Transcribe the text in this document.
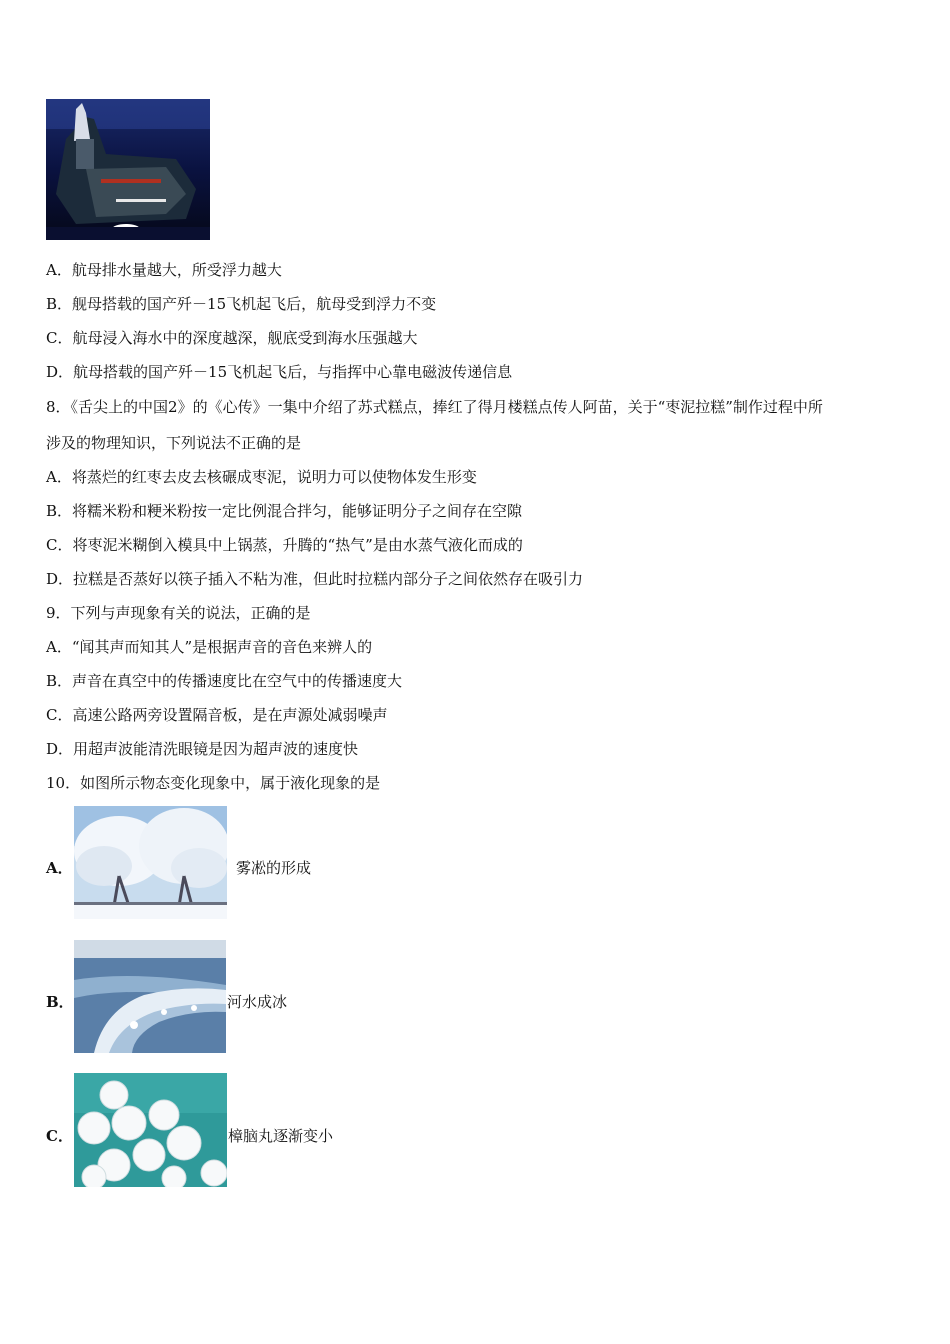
A．航母排水量越大，所受浮力越大
B．舰母搭载的国产歼－15飞机起飞后，航母受到浮力不变
C．航母浸入海水中的深度越深，舰底受到海水压强越大
D．航母搭载的国产歼－15飞机起飞后，与指挥中心靠电磁波传递信息
8．《舌尖上的中国2》的《心传》一集中介绍了苏式糕点，捧红了得月楼糕点传人阿苗，关于“枣泥拉糕”制作过程中所
涉及的物理知识，下列说法不正确的是
A．将蒸烂的红枣去皮去核碾成枣泥，说明力可以使物体发生形变
B．将糯米粉和粳米粉按一定比例混合拌匀，能够证明分子之间存在空隙
C．将枣泥米糊倒入模具中上锅蒸，升腾的“热气”是由水蒸气液化而成的
D．拉糕是否蒸好以筷子插入不粘为准，但此时拉糕内部分子之间依然存在吸引力
9．下列与声现象有关的说法，正确的是
A．“闻其声而知其人”是根据声音的音色来辨人的
B．声音在真空中的传播速度比在空气中的传播速度大
C．高速公路两旁设置隔音板，是在声源处减弱噪声
D．用超声波能清洗眼镜是因为超声波的速度快
10．如图所示物态变化现象中，属于液化现象的是
A．	雾凇的形成
B．	河水成冰
C．	樟脑丸逐渐变小
